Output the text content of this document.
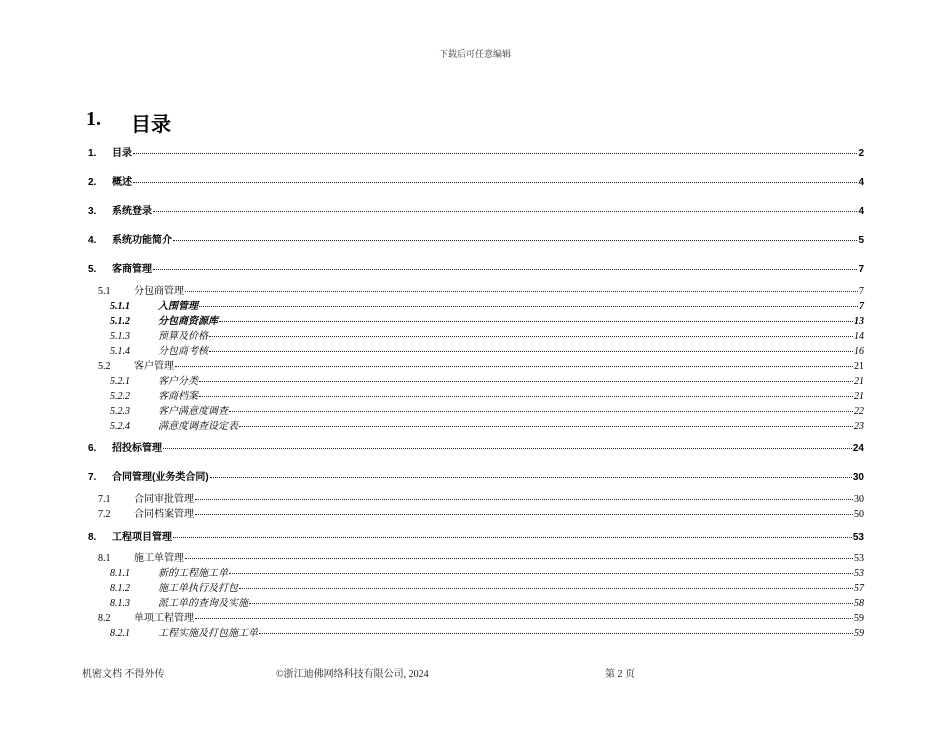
下载后可任意编辑
1.	目录
1.	目录	2
2.	概述	4
3.	系统登录	4
4.	系统功能简介	5
5.	客商管理	7
5.1	分包商管理	7
5.1.1	入围管理	7
5.1.2	分包商资源库	13
5.1.3	预算及价格	14
5.1.4	分包商考核	16
5.2	客户管理	21
5.2.1	客户分类	21
5.2.2	客商档案	21
5.2.3	客户满意度调查	22
5.2.4	满意度调查设定表	23
6.	招投标管理	24
7.	合同管理(业务类合同)	30
7.1	合同审批管理	30
7.2	合同档案管理	50
8.	工程项目管理	53
8.1	施工单管理	53
8.1.1	新的工程施工单	53
8.1.2	施工单执行及打包	57
8.1.3	派工单的查询及实施	58
8.2	单项工程管理	59
8.2.1	工程实施及打包施工单	59
机密文档 不得外传	©浙江迪佛网络科技有限公司, 2024	第 2 页
